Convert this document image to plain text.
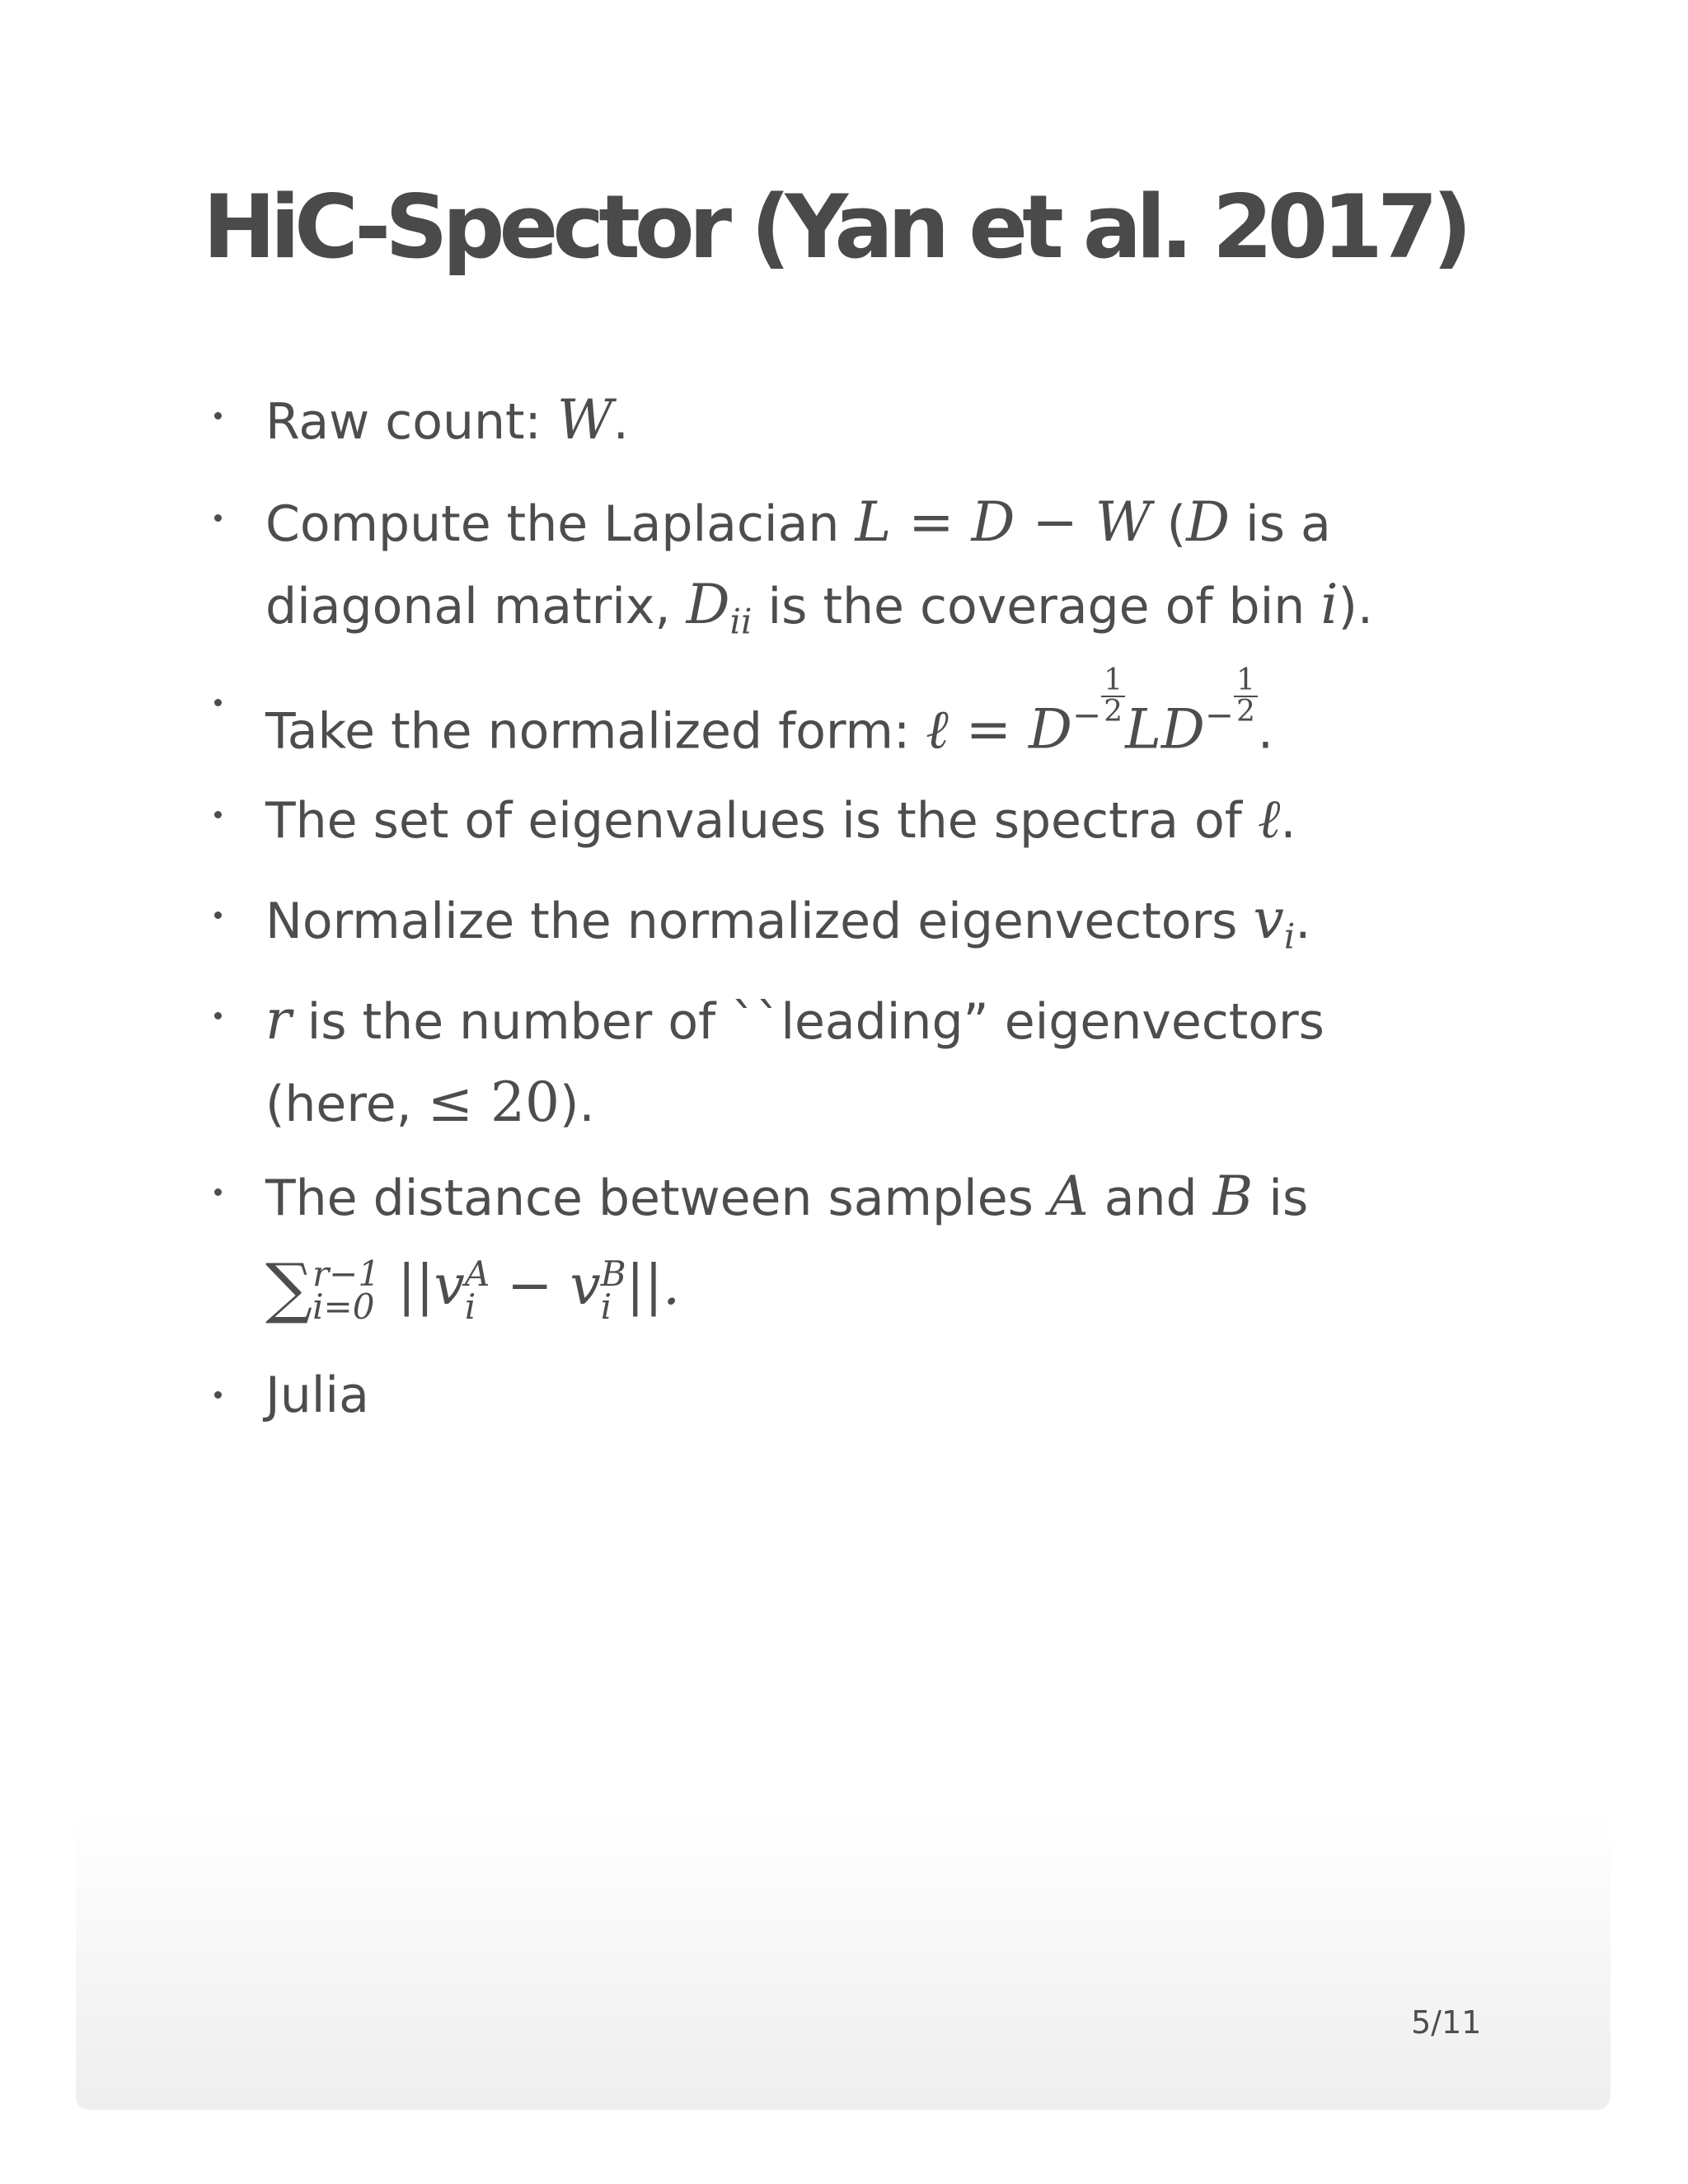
HiC-Spector (Yan et al. 2017)
Raw count: W.
Compute the Laplacian L = D − W (D is a diagonal matrix, $D_{ii}$ is the coverage of bin i).
Take the normalized form: ℓ = $D^- \frac{1}{2}$
$LD^- \frac{1}{2}$
.
The set of eigenvalues is the spectra of ℓ.
Normalize the normalized eigenvectors $v_i$.
r is the number of ``leading” eigenvectors (here, ≤ 20).
The distance between samples A and B is
∑ r−1
i=0 ||v A
i − v B
i ||.
Julia
5/11
